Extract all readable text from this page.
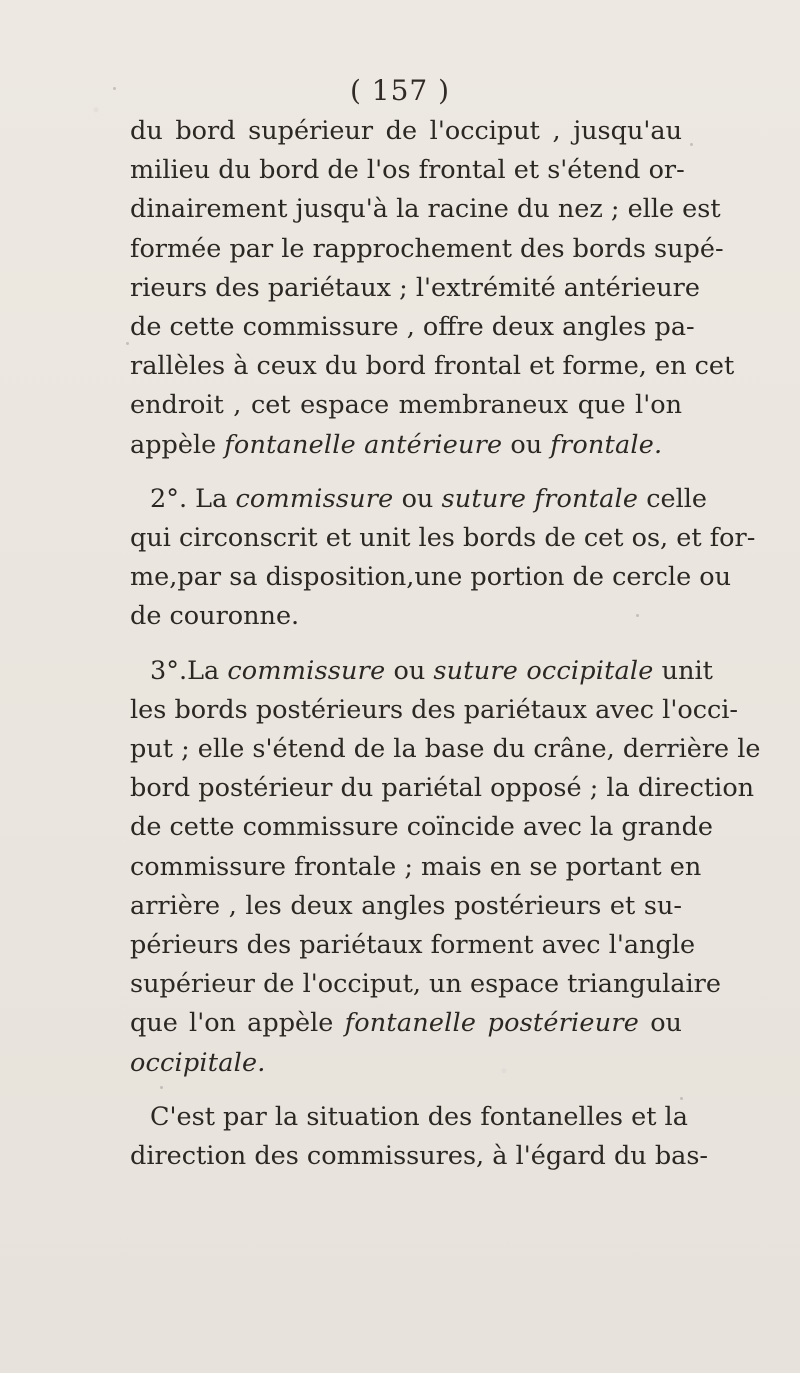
( 157 )
du bord supérieur de l'occiput , jusqu'au
milieu du bord de l'os frontal et s'étend or-
dinairement jusqu'à la racine du nez ; elle est
formée par le rapprochement des bords supé-
rieurs des pariétaux ; l'extrémité antérieure
de cette commissure , offre deux angles pa-
rallèles à ceux du bord frontal et forme, en cet
endroit , cet espace membraneux que l'on
appèle fontanelle antérieure ou frontale.
2°. La commissure ou suture frontale celle
qui circonscrit et unit les bords de cet os, et for-
me,par sa disposition,une portion de cercle ou
de couronne.
3°.La commissure ou suture occipitale unit
les bords postérieurs des pariétaux avec l'occi-
put ; elle s'étend de la base du crâne, derrière le
bord postérieur du pariétal opposé ; la direction
de cette commissure coïncide avec la grande
commissure frontale ; mais en se portant en
arrière , les deux angles postérieurs et su-
périeurs des pariétaux forment avec l'angle
supérieur de l'occiput, un espace triangulaire
que l'on appèle fontanelle postérieure ou
occipitale.
C'est par la situation des fontanelles et la
direction des commissures, à l'égard du bas-
